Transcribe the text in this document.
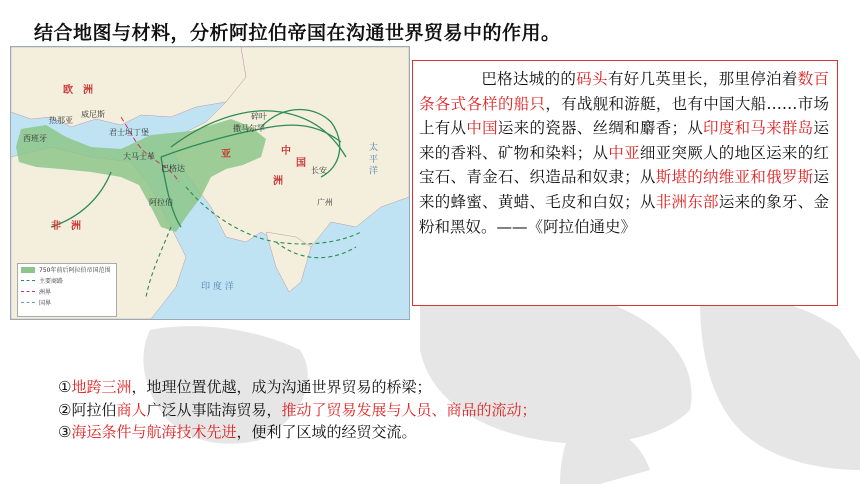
结合地图与材料，分析阿拉伯帝国在沟通世界贸易中的作用。
欧　洲
非　洲
亚
洲
中
国
印 度 洋
太 平 洋
阿拉伯
巴格达	长安
广州
大马士革
君士坦丁堡
威尼斯
撒马尔罕
碎叶
西班牙
热那亚
750年前后阿拉伯帝国范围
主要商路
洲界
国界
巴格达城的的码头有好几英里长，那里停泊着数百条各式各样的船只，有战舰和游艇，也有中国大船……市场上有从中国运来的瓷器、丝绸和麝香；从印度和马来群岛运来的香料、矿物和染料；从中亚细亚突厥人的地区运来的红宝石、青金石、织造品和奴隶；从斯堪的纳维亚和俄罗斯运来的蜂蜜、黄蜡、毛皮和白奴；从非洲东部运来的象牙、金粉和黑奴。——《阿拉伯通史》
①地跨三洲，地理位置优越，成为沟通世界贸易的桥梁；
②阿拉伯商人广泛从事陆海贸易，推动了贸易发展与人员、商品的流动；
③海运条件与航海技术先进，便利了区域的经贸交流。
